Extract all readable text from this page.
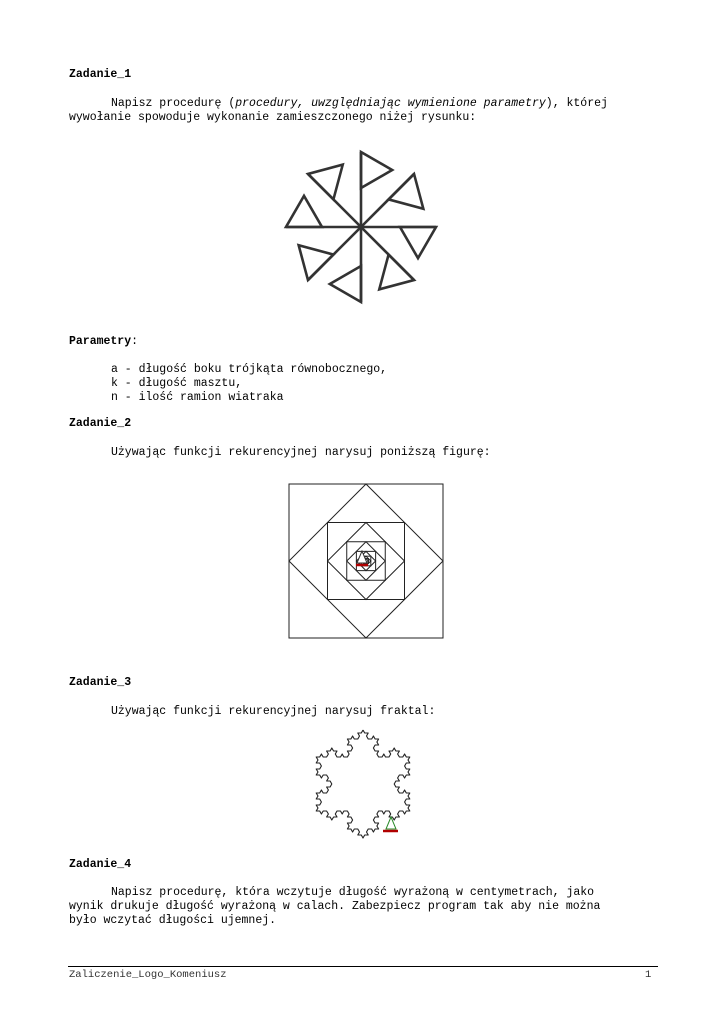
Zadanie_1
Napisz procedurę (procedury, uwzględniając wymienione parametry), której
wywołanie spowoduje wykonanie zamieszczonego niżej rysunku:
Parametry:
a - długość boku trójkąta równobocznego,
k - długość masztu,
n - ilość ramion wiatraka
Zadanie_2
Używając funkcji rekurencyjnej narysuj poniższą figurę:
Zadanie_3
Używając funkcji rekurencyjnej narysuj fraktal:
Zadanie_4
Napisz procedurę, która wczytuje długość wyrażoną w centymetrach, jako
wynik drukuje długość wyrażoną w calach. Zabezpiecz program tak aby nie można
było wczytać długości ujemnej.
Zaliczenie_Logo_Komeniusz	1
